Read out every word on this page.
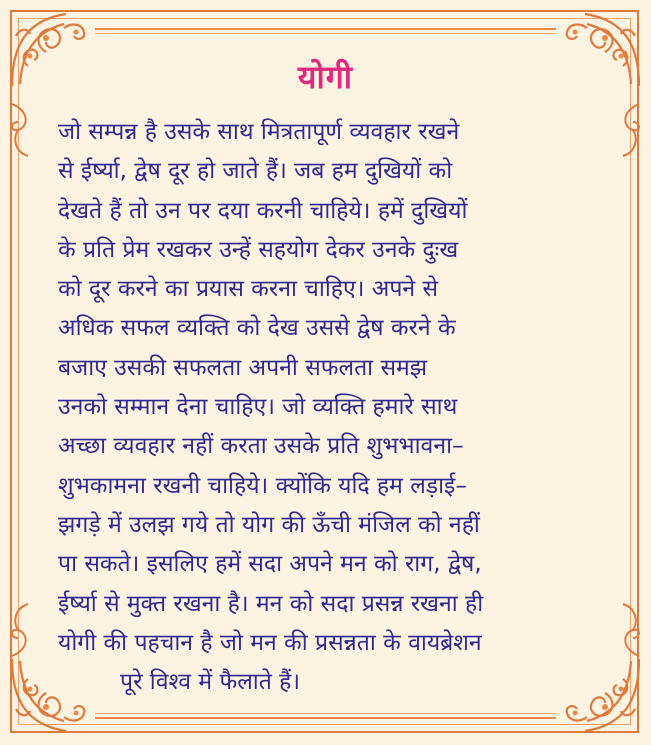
योगी
जो सम्पन्न है उसके साथ मित्रतापूर्ण व्यवहार रखने
से ईर्ष्या, द्वेष दूर हो जाते हैं। जब हम दुखियों को
देखते हैं तो उन पर दया करनी चाहिये। हमें दुखियों
के प्रति प्रेम रखकर उन्हें सहयोग देकर उनके दुःख
को दूर करने का प्रयास करना चाहिए। अपने से
अधिक सफल व्यक्ति को देख उससे द्वेष करने के
बजाए उसकी सफलता अपनी सफलता समझ
उनको सम्मान देना चाहिए। जो व्यक्ति हमारे साथ
अच्छा व्यवहार नहीं करता उसके प्रति शुभभावना–
शुभकामना रखनी चाहिये। क्योंकि यदि हम लड़ाई–
झगड़े में उलझ गये तो योग की ऊँची मंजिल को नहीं
पा सकते। इसलिए हमें सदा अपने मन को राग, द्वेष,
ईर्ष्या से मुक्त रखना है। मन को सदा प्रसन्न रखना ही
योगी की पहचान है जो मन की प्रसन्नता के वायब्रेशन
पूरे विश्व में फैलाते हैं।
